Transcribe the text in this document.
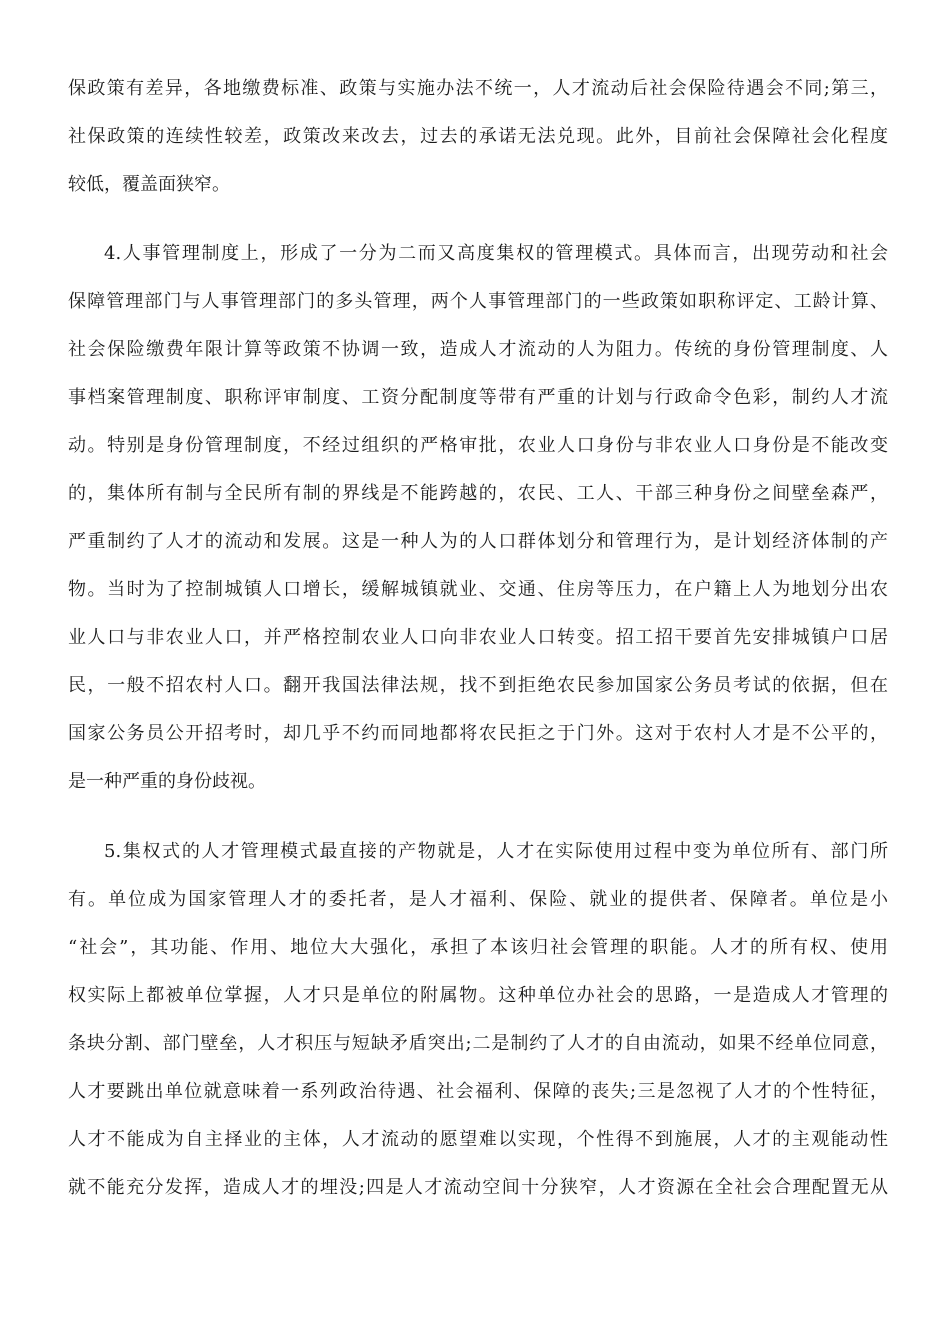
保政策有差异，各地缴费标准、政策与实施办法不统一，人才流动后社会保险待遇会不同;第三，
社保政策的连续性较差，政策改来改去，过去的承诺无法兑现。此外，目前社会保障社会化程度
较低，覆盖面狭窄。
4.人事管理制度上，形成了一分为二而又高度集权的管理模式。具体而言，出现劳动和社会
保障管理部门与人事管理部门的多头管理，两个人事管理部门的一些政策如职称评定、工龄计算、
社会保险缴费年限计算等政策不协调一致，造成人才流动的人为阻力。传统的身份管理制度、人
事档案管理制度、职称评审制度、工资分配制度等带有严重的计划与行政命令色彩，制约人才流
动。特别是身份管理制度，不经过组织的严格审批，农业人口身份与非农业人口身份是不能改变
的，集体所有制与全民所有制的界线是不能跨越的，农民、工人、干部三种身份之间壁垒森严，
严重制约了人才的流动和发展。这是一种人为的人口群体划分和管理行为，是计划经济体制的产
物。当时为了控制城镇人口增长，缓解城镇就业、交通、住房等压力，在户籍上人为地划分出农
业人口与非农业人口，并严格控制农业人口向非农业人口转变。招工招干要首先安排城镇户口居
民，一般不招农村人口。翻开我国法律法规，找不到拒绝农民参加国家公务员考试的依据，但在
国家公务员公开招考时，却几乎不约而同地都将农民拒之于门外。这对于农村人才是不公平的，
是一种严重的身份歧视。
5.集权式的人才管理模式最直接的产物就是，人才在实际使用过程中变为单位所有、部门所
有。单位成为国家管理人才的委托者，是人才福利、保险、就业的提供者、保障者。单位是小
“社会”，其功能、作用、地位大大强化，承担了本该归社会管理的职能。人才的所有权、使用
权实际上都被单位掌握，人才只是单位的附属物。这种单位办社会的思路，一是造成人才管理的
条块分割、部门壁垒，人才积压与短缺矛盾突出;二是制约了人才的自由流动，如果不经单位同意，
人才要跳出单位就意味着一系列政治待遇、社会福利、保障的丧失;三是忽视了人才的个性特征，
人才不能成为自主择业的主体，人才流动的愿望难以实现，个性得不到施展，人才的主观能动性
就不能充分发挥，造成人才的埋没;四是人才流动空间十分狭窄，人才资源在全社会合理配置无从
